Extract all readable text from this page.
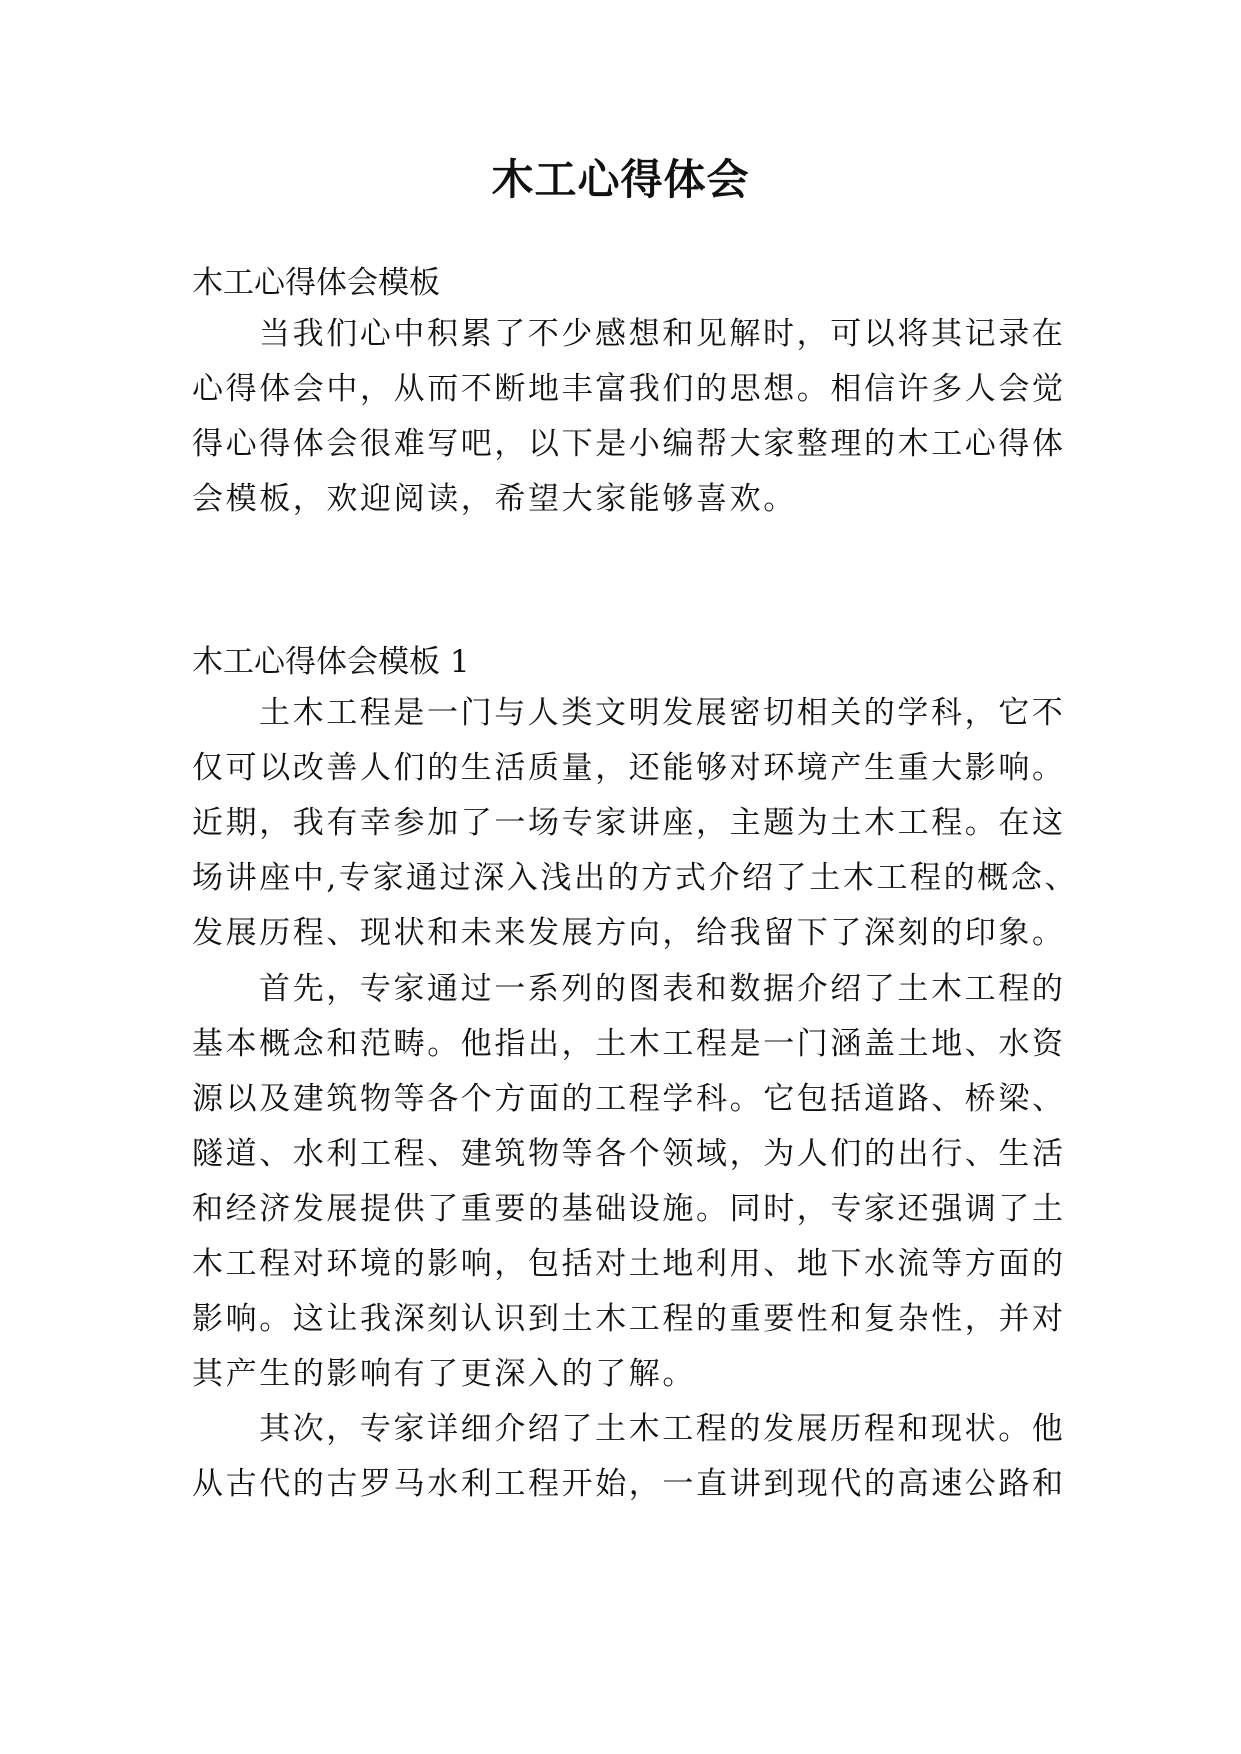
木工心得体会
木工心得体会模板
当我们心中积累了不少感想和见解时，可以将其记录在
心得体会中，从而不断地丰富我们的思想。相信许多人会觉
得心得体会很难写吧，以下是小编帮大家整理的木工心得体
会模板，欢迎阅读，希望大家能够喜欢。
木工心得体会模板 1
土木工程是一门与人类文明发展密切相关的学科，它不
仅可以改善人们的生活质量，还能够对环境产生重大影响。
近期，我有幸参加了一场专家讲座，主题为土木工程。在这
场讲座中,专家通过深入浅出的方式介绍了土木工程的概念、
发展历程、现状和未来发展方向，给我留下了深刻的印象。
首先，专家通过一系列的图表和数据介绍了土木工程的
基本概念和范畴。他指出，土木工程是一门涵盖土地、水资
源以及建筑物等各个方面的工程学科。它包括道路、桥梁、
隧道、水利工程、建筑物等各个领域，为人们的出行、生活
和经济发展提供了重要的基础设施。同时，专家还强调了土
木工程对环境的影响，包括对土地利用、地下水流等方面的
影响。这让我深刻认识到土木工程的重要性和复杂性，并对
其产生的影响有了更深入的了解。
其次，专家详细介绍了土木工程的发展历程和现状。他
从古代的古罗马水利工程开始，一直讲到现代的高速公路和
